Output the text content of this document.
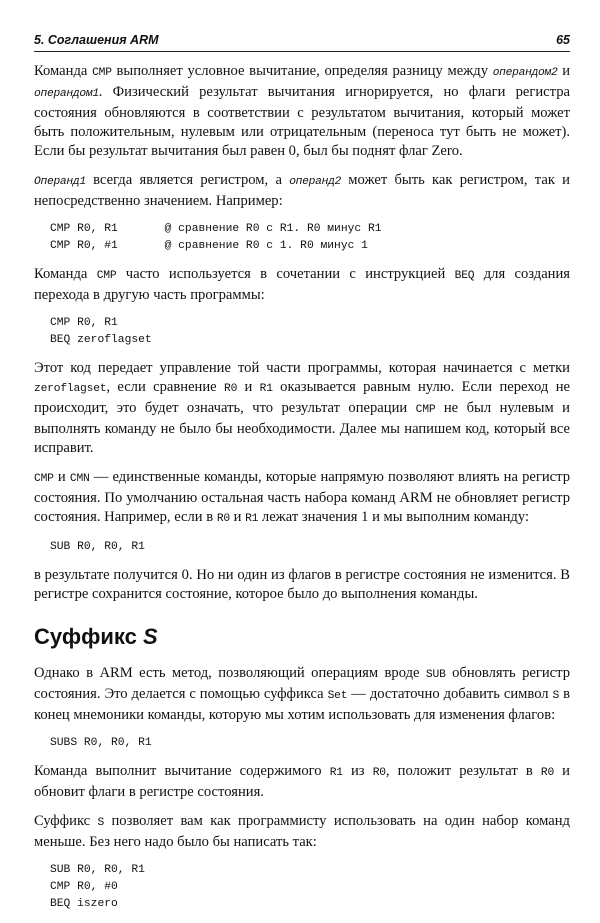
5. Соглашения ARM	65

Команда CMP выполняет условное вычитание, определяя разницу между операндом2 и операндом1. Физический результат вычитания игнорируется, но флаги регистра состояния обновляются в соответствии с результатом вычитания, который может быть положительным, нулевым или отрицательным (переноса тут быть не может). Если бы результат вычитания был равен 0, был бы поднят флаг Zero.

Операнд1 всегда является регистром, а операнд2 может быть как регистром, так и непосредственно значением. Например:

CMP R0, R1	@ сравнение R0 с R1. R0 минус R1
CMP R0, #1	@ сравнение R0 с 1. R0 минус 1

Команда CMP часто используется в сочетании с инструкцией BEQ для создания перехода в другую часть программы:

CMP R0, R1
BEQ zeroflagset

Этот код передает управление той части программы, которая начинается с метки zeroflagset, если сравнение R0 и R1 оказывается равным нулю. Если переход не происходит, это будет означать, что результат операции CMP не был нулевым и выполнять команду не было бы необходимости. Далее мы напишем код, который все исправит.

CMP и CMN — единственные команды, которые напрямую позволяют влиять на регистр состояния. По умолчанию остальная часть набора команд ARM не обновляет регистр состояния. Например, если в R0 и R1 лежат значения 1 и мы выполним команду:

SUB R0, R0, R1

в результате получится 0. Но ни один из флагов в регистре состояния не изменится. В регистре сохранится состояние, которое было до выполнения команды.

Суффикс S

Однако в ARM есть метод, позволяющий операциям вроде SUB обновлять регистр состояния. Это делается с помощью суффикса Set — достаточно добавить символ S в конец мнемоники команды, которую мы хотим использовать для изменения флагов:

SUBS R0, R0, R1

Команда выполнит вычитание содержимого R1 из R0, положит результат в R0 и обновит флаги в регистре состояния.

Суффикс S позволяет вам как программисту использовать на один набор команд меньше. Без него надо было бы написать так:

SUB R0, R0, R1
CMP R0, #0
BEQ iszero
